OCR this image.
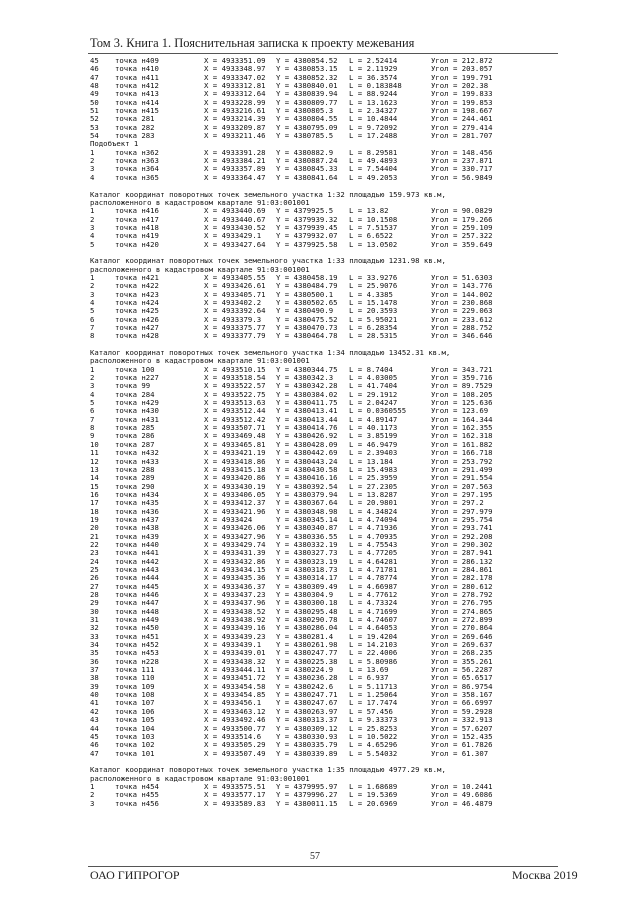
Том 3. Книга 1. Пояснительная записка к проекту межевания
45 точка н409	X = 4933351.09 Y = 4380854.52 L = 2.52414	Угол = 212.872
46 точка н410	X = 4933348.97 Y = 4380853.15 L = 2.11929	Угол = 203.057
47 точка н411	X = 4933347.02 Y = 4380852.32 L = 36.3574	Угол = 199.791
48 точка н412	X = 4933312.81 Y = 4380840.01 L = 0.183848	Угол = 202.38
49 точка н413	X = 4933312.64 Y = 4380839.94 L = 88.9244	Угол = 199.833
50 точка н414	X = 4933228.99 Y = 4380809.77 L = 13.1623	Угол = 199.853
51 точка н415	X = 4933216.61 Y = 4380805.3 L = 2.34327	Угол = 198.667
52 точка 281	X = 4933214.39 Y = 4380804.55 L = 10.4844	Угол = 244.461
53 точка 282	X = 4933209.87 Y = 4380795.09 L = 9.72092	Угол = 279.414
54 точка 283	X = 4933211.46 Y = 4380785.5 L = 17.2488	Угол = 281.707
Подобъект 1
1	точка н362	X = 4933391.28 Y = 4380882.9 L = 8.29581	Угол = 148.456
2	точка н363	X = 4933384.21 Y = 4380887.24 L = 49.4893	Угол = 237.871
3	точка н364	X = 4933357.89 Y = 4380845.33 L = 7.54404	Угол = 330.717
4	точка н365	X = 4933364.47 Y = 4380841.64 L = 49.2053	Угол = 56.9849
Каталог координат поворотных точек земельного участка 1:32 площадью 159.973 кв.м,
расположенного в кадастровом квартале 91:03:001001
1	точка н416	X = 4933440.69 Y = 4379925.5 L = 13.82	Угол = 90.0829
2	точка н417	X = 4933440.67 Y = 4379939.32 L = 10.1508	Угол = 179.266
3	точка н418	X = 4933430.52 Y = 4379939.45 L = 7.51537	Угол = 259.109
4	точка н419	X = 4933429.1 Y = 4379932.07 L = 6.6522	Угол = 257.322
5	точка н420	X = 4933427.64 Y = 4379925.58 L = 13.0502	Угол = 359.649
Каталог координат поворотных точек земельного участка 1:33 площадью 1231.98 кв.м,
расположенного в кадастровом квартале 91:03:001001
1	точка н421	X = 4933405.55 Y = 4380458.19 L = 33.9276	Угол = 51.6303
2	точка н422	X = 4933426.61 Y = 4380484.79 L = 25.9076	Угол = 143.776
3	точка н423	X = 4933405.71 Y = 4380500.1 L = 4.3385	Угол = 144.002
4	точка н424	X = 4933402.2 Y = 4380502.65 L = 15.1478	Угол = 230.868
5	точка н425	X = 4933392.64 Y = 4380490.9 L = 20.3593	Угол = 229.063
6	точка н426	X = 4933379.3 Y = 4380475.52 L = 5.95021	Угол = 233.612
7	точка н427	X = 4933375.77 Y = 4380470.73 L = 6.28354	Угол = 288.752
8	точка н428	X = 4933377.79 Y = 4380464.78 L = 28.5315	Угол = 346.646
Каталог координат поворотных точек земельного участка 1:34 площадью 13452.31 кв.м,
расположенного в кадастровом квартале 91:03:001001
1	точка 100	X = 4933510.15 Y = 4380344.75 L = 8.7404	Угол = 343.721
2	точка н227	X = 4933518.54 Y = 4380342.3 L = 4.03005	Угол = 359.716
3	точка 99	X = 4933522.57 Y = 4380342.28 L = 41.7404	Угол = 89.7529
4	точка 284	X = 4933522.75 Y = 4380384.02 L = 29.1912	Угол = 108.205
5	точка н429	X = 4933513.63 Y = 4380411.75 L = 2.04247	Угол = 125.636
6	точка н430	X = 4933512.44 Y = 4380413.41 L = 0.0360555	Угол = 123.69
7	точка н431	X = 4933512.42 Y = 4380413.44 L = 4.89147	Угол = 164.344
8	точка 285	X = 4933507.71 Y = 4380414.76 L = 40.1173	Угол = 162.355
9	точка 286	X = 4933469.48 Y = 4380426.92 L = 3.85199	Угол = 162.318
10 точка 287	X = 4933465.81 Y = 4380428.09 L = 46.9479	Угол = 161.882
11 точка н432	X = 4933421.19 Y = 4380442.69 L = 2.39403	Угол = 166.718
12 точка н433	X = 4933418.86 Y = 4380443.24 L = 13.184	Угол = 253.792
13 точка 288	X = 4933415.18 Y = 4380430.58 L = 15.4983	Угол = 291.499
14 точка 289	X = 4933420.86 Y = 4380416.16 L = 25.3959	Угол = 291.554
15 точка 290	X = 4933430.19 Y = 4380392.54 L = 27.2305	Угол = 207.563
16 точка н434	X = 4933406.05 Y = 4380379.94 L = 13.8287	Угол = 297.195
17 точка н435	X = 4933412.37 Y = 4380367.64 L = 20.9801	Угол = 297.2
18 точка н436	X = 4933421.96 Y = 4380348.98 L = 4.34824	Угол = 297.979
19 точка н437	X = 4933424	Y = 4380345.14 L = 4.74094	Угол = 295.754
20 точка н438	X = 4933426.06 Y = 4380340.87 L = 4.71936	Угол = 293.741
21 точка н439	X = 4933427.96 Y = 4380336.55 L = 4.70935	Угол = 292.208
22 точка н440	X = 4933429.74 Y = 4380332.19 L = 4.75543	Угол = 290.302
23 точка н441	X = 4933431.39 Y = 4380327.73 L = 4.77205	Угол = 287.941
24 точка н442	X = 4933432.86 Y = 4380323.19 L = 4.64281	Угол = 286.132
25 точка н443	X = 4933434.15 Y = 4380318.73 L = 4.71781	Угол = 284.861
26 точка н444	X = 4933435.36 Y = 4380314.17 L = 4.78774	Угол = 282.178
27 точка н445	X = 4933436.37 Y = 4380309.49 L = 4.66987	Угол = 280.612
28 точка н446	X = 4933437.23 Y = 4380304.9 L = 4.77612	Угол = 278.792
29 точка н447	X = 4933437.96 Y = 4380300.18 L = 4.73324	Угол = 276.795
30 точка н448	X = 4933438.52 Y = 4380295.48 L = 4.71699	Угол = 274.865
31 точка н449	X = 4933438.92 Y = 4380290.78 L = 4.74607	Угол = 272.899
32 точка н450	X = 4933439.16 Y = 4380286.04 L = 4.64053	Угол = 270.864
33 точка н451	X = 4933439.23 Y = 4380281.4 L = 19.4204	Угол = 269.646
34 точка н452	X = 4933439.1 Y = 4380261.98 L = 14.2103	Угол = 269.637
35 точка н453	X = 4933439.01 Y = 4380247.77 L = 22.4006	Угол = 268.235
36 точка н228	X = 4933438.32 Y = 4380225.38 L = 5.80986	Угол = 355.261
37 точка 111	X = 4933444.11 Y = 4380224.9 L = 13.69	Угол = 56.2287
38 точка 110	X = 4933451.72 Y = 4380236.28 L = 6.937	Угол = 65.6517
39 точка 109	X = 4933454.58 Y = 4380242.6 L = 5.11713	Угол = 86.9754
40 точка 108	X = 4933454.85 Y = 4380247.71 L = 1.25064	Угол = 358.167
41 точка 107	X = 4933456.1 Y = 4380247.67 L = 17.7474	Угол = 66.6997
42 точка 106	X = 4933463.12 Y = 4380263.97 L = 57.456	Угол = 59.2928
43 точка 105	X = 4933492.46 Y = 4380313.37 L = 9.33373	Угол = 332.913
44 точка 104	X = 4933500.77 Y = 4380309.12 L = 25.8253	Угол = 57.6207
45 точка 103	X = 4933514.6 Y = 4380330.93 L = 10.5022	Угол = 152.435
46 точка 102	X = 4933505.29 Y = 4380335.79 L = 4.65296	Угол = 61.7826
47 точка 101	X = 4933507.49 Y = 4380339.89 L = 5.54032	Угол = 61.307
Каталог координат поворотных точек земельного участка 1:35 площадью 4977.29 кв.м,
расположенного в кадастровом квартале 91:03:001001
1	точка н454	X = 4933575.51 Y = 4379995.97 L = 1.68689	Угол = 10.2441
2	точка н455	X = 4933577.17 Y = 4379996.27 L = 19.5369	Угол = 49.6086
3	точка н456	X = 4933589.83 Y = 4380011.15 L = 20.6969	Угол = 46.4879
57
ОАО ГИПРОГОР	Москва 2019
